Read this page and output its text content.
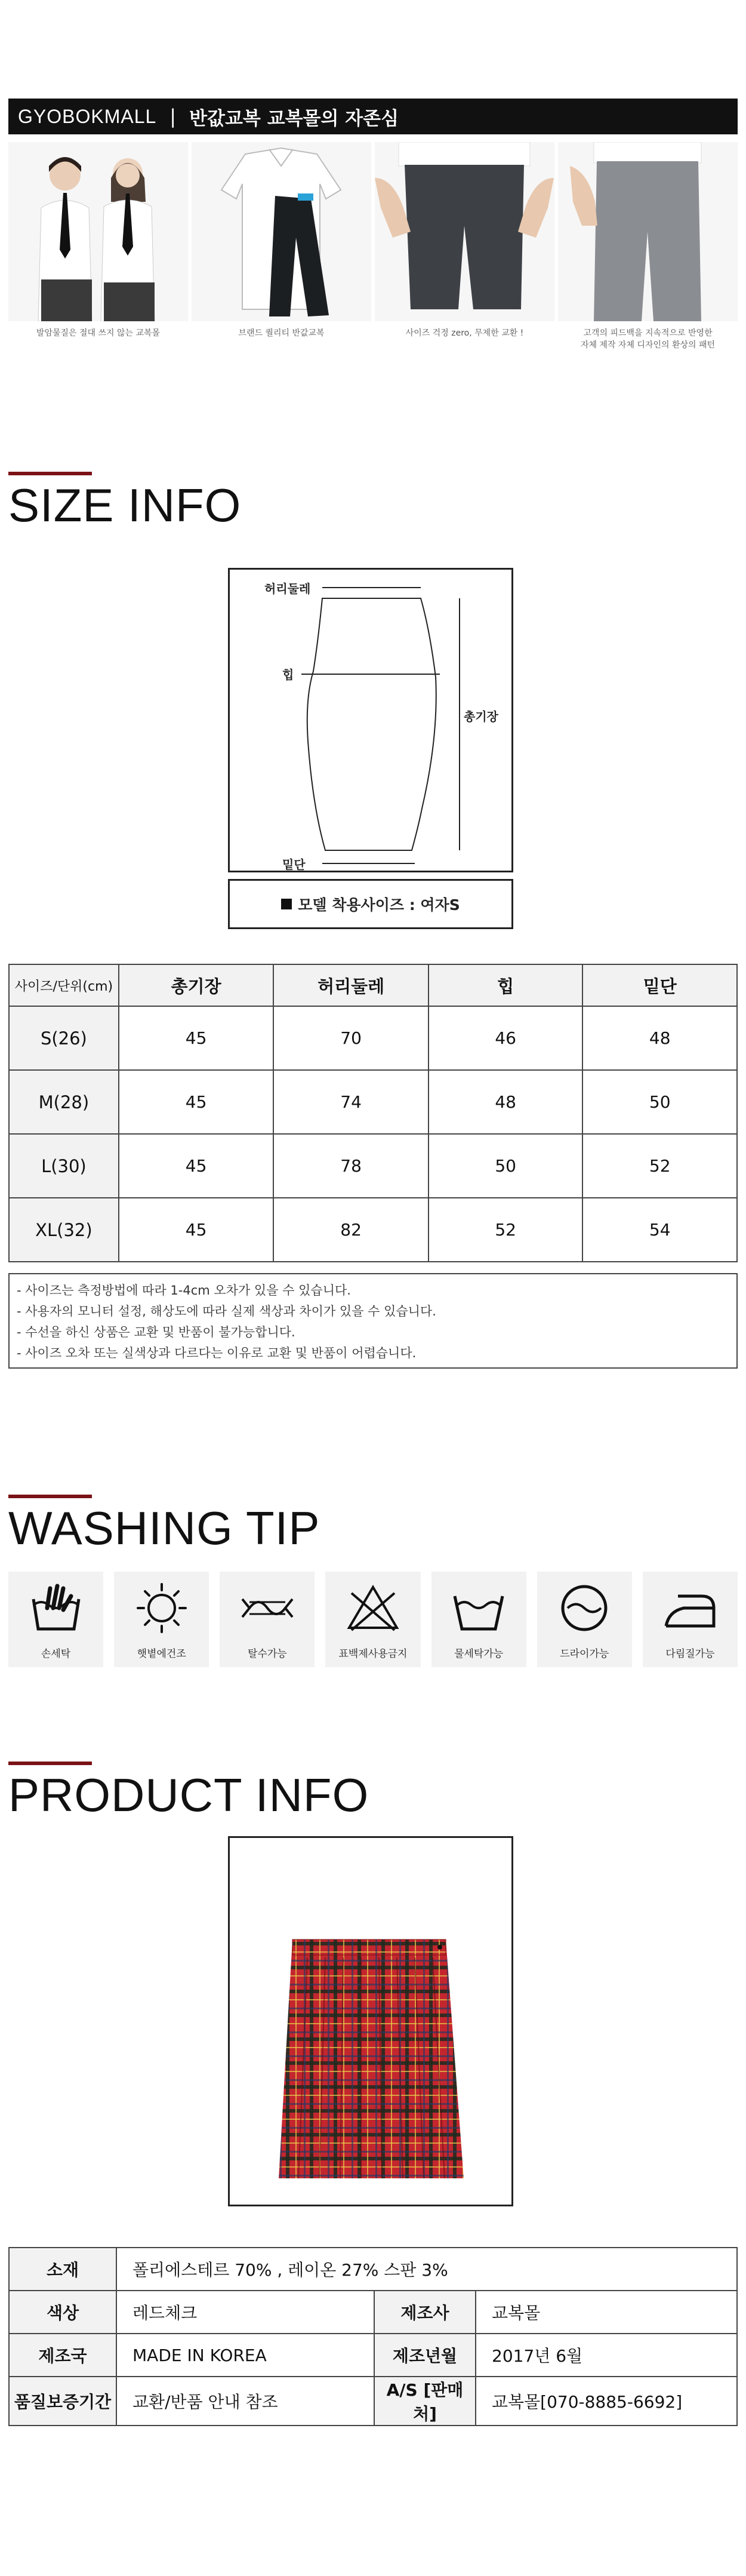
GYOBOKMALL | 반값교복 교복몰의 자존심
발암물질은 절대 쓰지 않는 교복몰	브랜드 퀄리티 반값교복	사이즈 걱정 zero, 무제한 교환 !	고객의 피드백을 지속적으로 반영한
자체 제작 자체 디자인의 환상의 패턴
SIZE INFO
허리둘레
힙
총기장
밑단
모델 착용사이즈 : 여자S
사이즈/단위(cm)	총기장	허리둘레	힙	밑단
S(26)	45	70	46	48
M(28)	45	74	48	50
L(30)	45	78	50	52
XL(32)	45	82	52	54
- 사이즈는 측정방법에 따라 1-4cm 오차가 있을 수 있습니다.
- 사용자의 모니터 설정, 해상도에 따라 실제 색상과 차이가 있을 수 있습니다.
- 수선을 하신 상품은 교환 및 반품이 불가능합니다.
- 사이즈 오차 또는 실색상과 다르다는 이유로 교환 및 반품이 어렵습니다.
WASHING TIP
손세탁	햇볕에건조	탈수가능	표백제사용금지	물세탁가능	드라이가능	다림질가능
PRODUCT INFO
소재	폴리에스테르 70% , 레이온 27% 스판 3%		
색상	레드체크	제조사	교복몰
제조국	MADE IN KOREA	제조년월	2017년 6월
품질보증기간	교환/반품 안내 참조	A/S [판매처]	교복몰[070-8885-6692]
